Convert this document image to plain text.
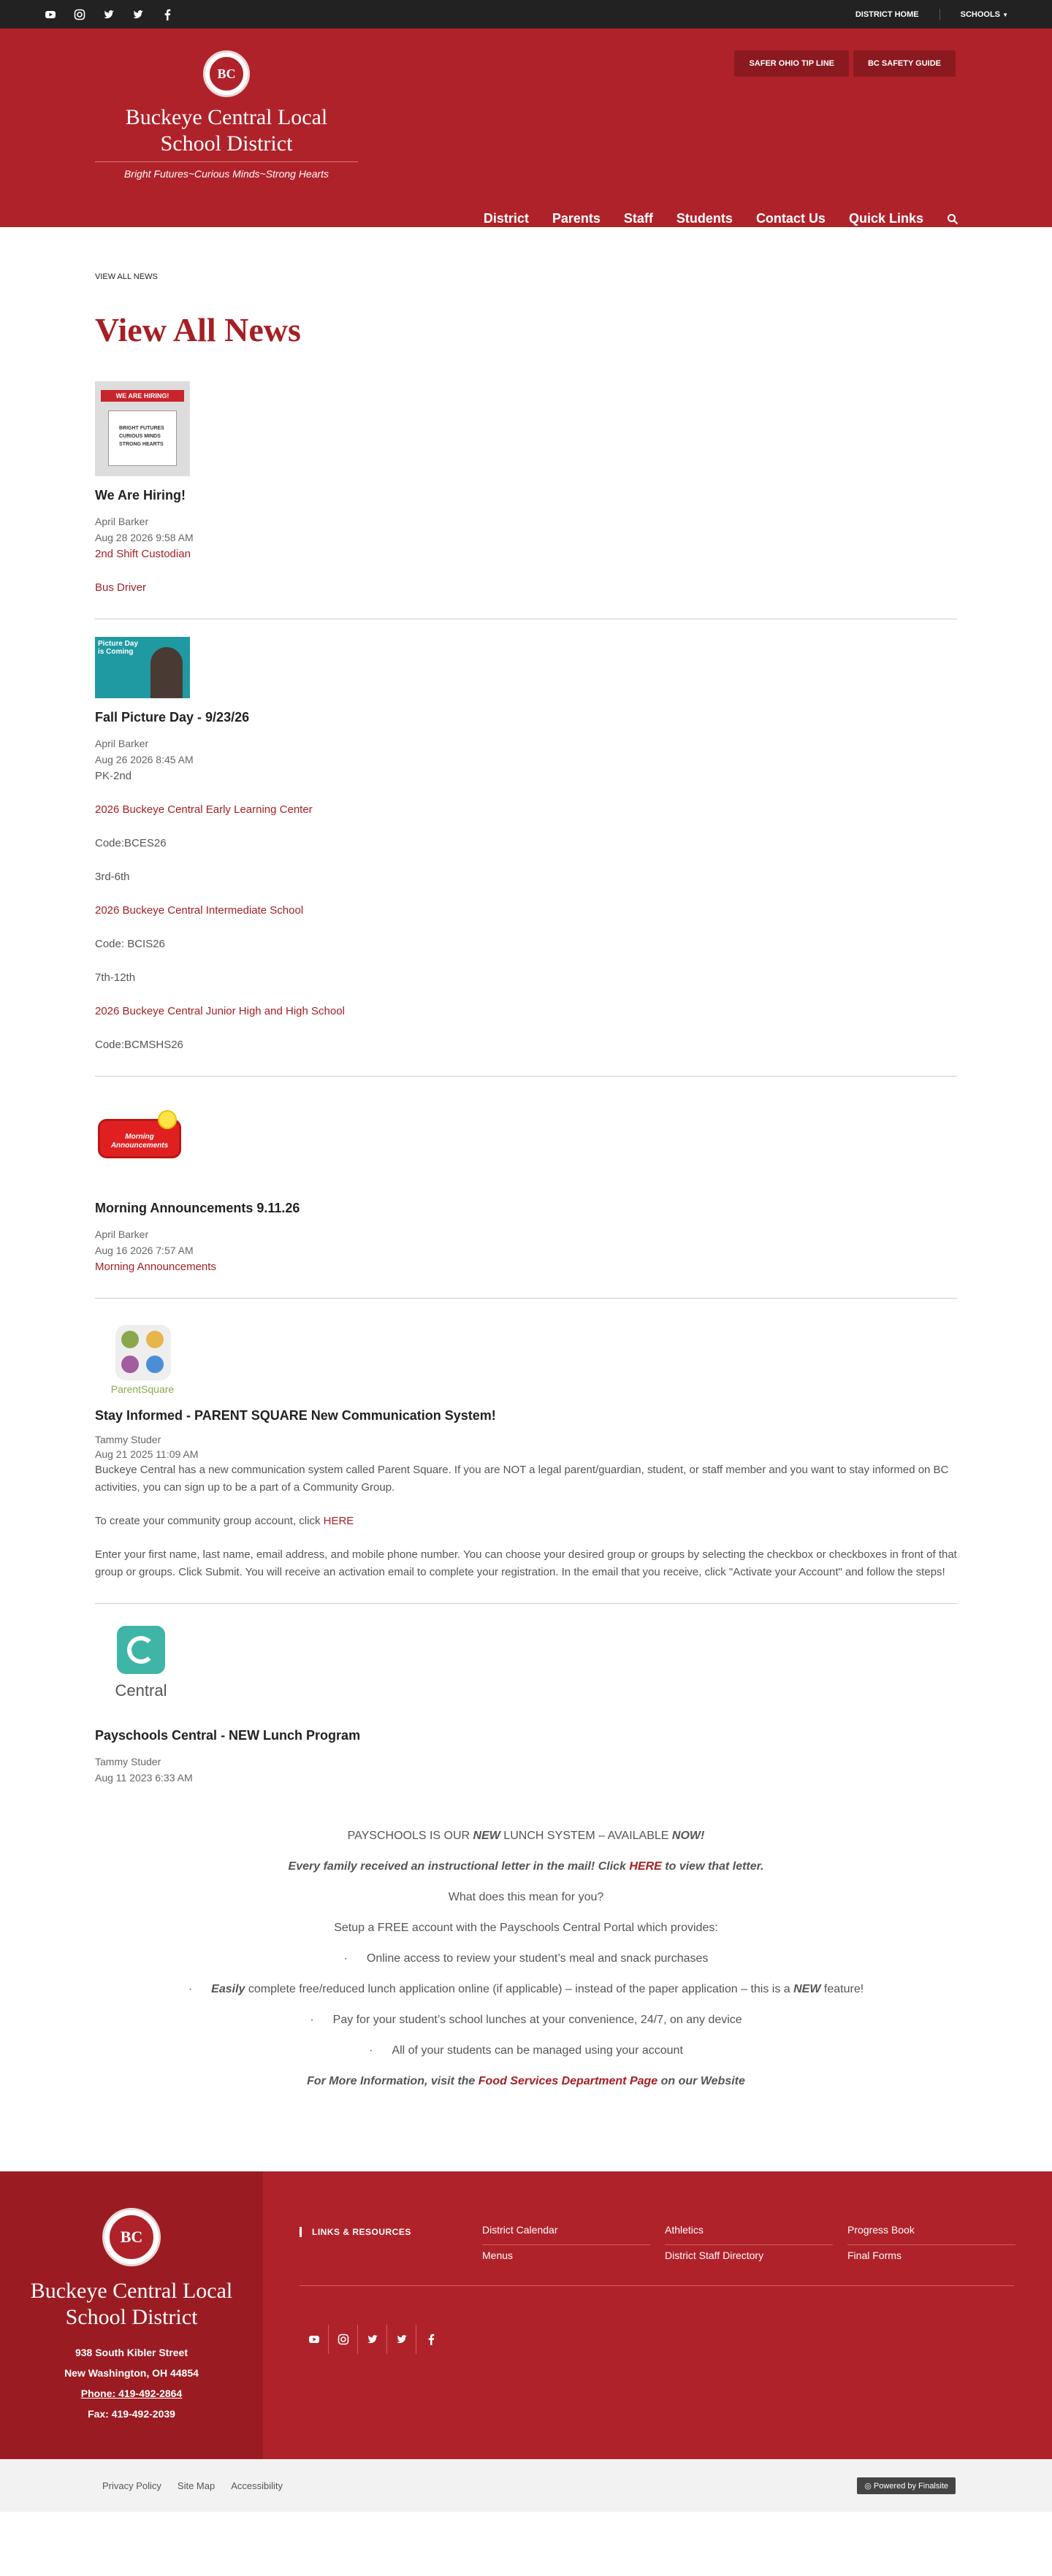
DISTRICT HOME	SCHOOLS ▼
BC
Buckeye Central Local School District
Bright Futures~Curious Minds~Strong Hearts
SAFER OHIO TIP LINE	BC SAFETY GUIDE
District Parents Staff Students Contact Us Quick Links
VIEW ALL NEWS
View All News
WE ARE HIRING!
BRIGHT FUTURES
CURIOUS MINDS
STRONG HEARTS
We Are Hiring!
April Barker
Aug 28 2026 9:58 AM

2nd Shift Custodian

Bus Driver

Picture Day is Coming
Fall Picture Day - 9/23/26
April Barker
Aug 26 2026 8:45 AM

PK-2nd

2026 Buckeye Central Early Learning Center

Code:BCES26

3rd-6th

2026 Buckeye Central Intermediate School

Code: BCIS26

7th-12th

2026 Buckeye Central Junior High and High School

Code:BCMSHS26

Morning Announcements
Morning Announcements 9.11.26
April Barker
Aug 16 2026 7:57 AM

Morning Announcements

ParentSquare
Stay Informed - PARENT SQUARE New Communication System!
Tammy Studer
Aug 21 2025 11:09 AM

Buckeye Central has a new communication system called Parent Square. If you are NOT a legal parent/guardian, student, or staff member and you want to stay informed on BC activities, you can sign up to be a part of a Community Group.

To create your community group account, click HERE

Enter your first name, last name, email address, and mobile phone number. You can choose your desired group or groups by selecting the checkbox or checkboxes in front of that group or groups. Click Submit. You will receive an activation email to complete your registration. In the email that you receive, click "Activate your Account" and follow the steps!

Central
Payschools Central - NEW Lunch Program
Tammy Studer
Aug 11 2023 6:33 AM

PAYSCHOOLS IS OUR NEW LUNCH SYSTEM – AVAILABLE NOW!

Every family received an instructional letter in the mail! Click HERE to view that letter.

What does this mean for you?

Setup a FREE account with the Payschools Central Portal which provides:

· Online access to review your student’s meal and snack purchases

· Easily complete free/reduced lunch application online (if applicable) – instead of the paper application – this is a NEW feature!

· Pay for your student’s school lunches at your convenience, 24/7, on any device

· All of your students can be managed using your account

For More Information, visit the Food Services Department Page on our Website

BC
Buckeye Central Local School District
938 South Kibler Street
New Washington, OH 44854
Phone: 419-492-2864
Fax: 419-492-2039
LINKS & RESOURCES	District Calendar	Athletics	Progress Book
Menus	District Staff Directory	Final Forms
Privacy Policy Site Map Accessibility	◎ Powered by Finalsite
